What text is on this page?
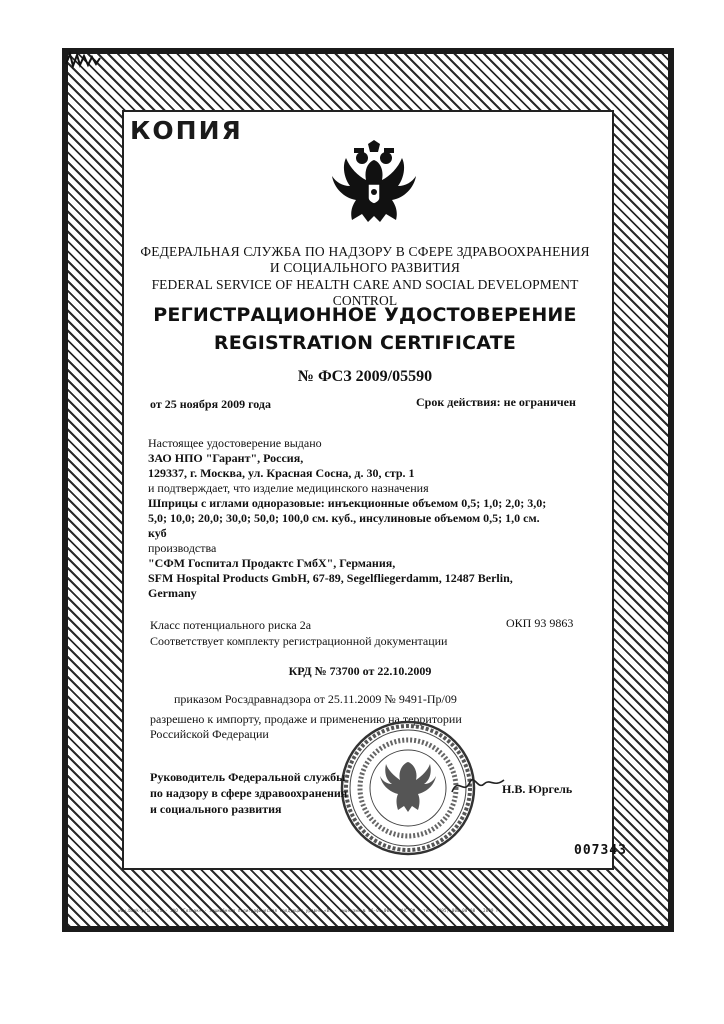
www.bank-print.ru · ЗАО «Гознак» · защищённая полиграфическая продукция уровня «В» · лицензия № 06-03-000 · ФНС РФ · тел. (495) 000-00-00 · 2009 г.
КОПИЯ
ФЕДЕРАЛЬНАЯ СЛУЖБА ПО НАДЗОРУ В СФЕРЕ ЗДРАВООХРАНЕНИЯ
И СОЦИАЛЬНОГО РАЗВИТИЯ
FEDERAL SERVICE OF HEALTH CARE AND SOCIAL DEVELOPMENT CONTROL
РЕГИСТРАЦИОННОЕ УДОСТОВЕРЕНИЕ
REGISTRATION CERTIFICATE
№ ФСЗ 2009/05590
от 25 ноября 2009 года	Срок действия: не ограничен
Настоящее удостоверение выдано
ЗАО НПО "Гарант", Россия,
129337, г. Москва, ул. Красная Сосна, д. 30, стр. 1
и подтверждает, что изделие медицинского назначения
Шприцы с иглами одноразовые: инъекционные объемом 0,5; 1,0; 2,0; 3,0;
5,0; 10,0; 20,0; 30,0; 50,0; 100,0 см. куб., инсулиновые объемом 0,5; 1,0 см.
куб
производства
"СФМ Госпитал Продактс ГмбХ", Германия,
SFM Hospital Products GmbH, 67-89, Segelfliegerdamm, 12487 Berlin,
Germany
Класс потенциального риска 2а	ОКП 93 9863
Соответствует комплекту регистрационной документации
КРД № 73700 от 22.10.2009
приказом Росздравнадзора от 25.11.2009 № 9491-Пр/09
разрешено к импорту, продаже и применению на территории
Российской Федерации
Руководитель Федеральной службы
по надзору в сфере здравоохранения
и социального развития
Н.В. Юргель
007343
